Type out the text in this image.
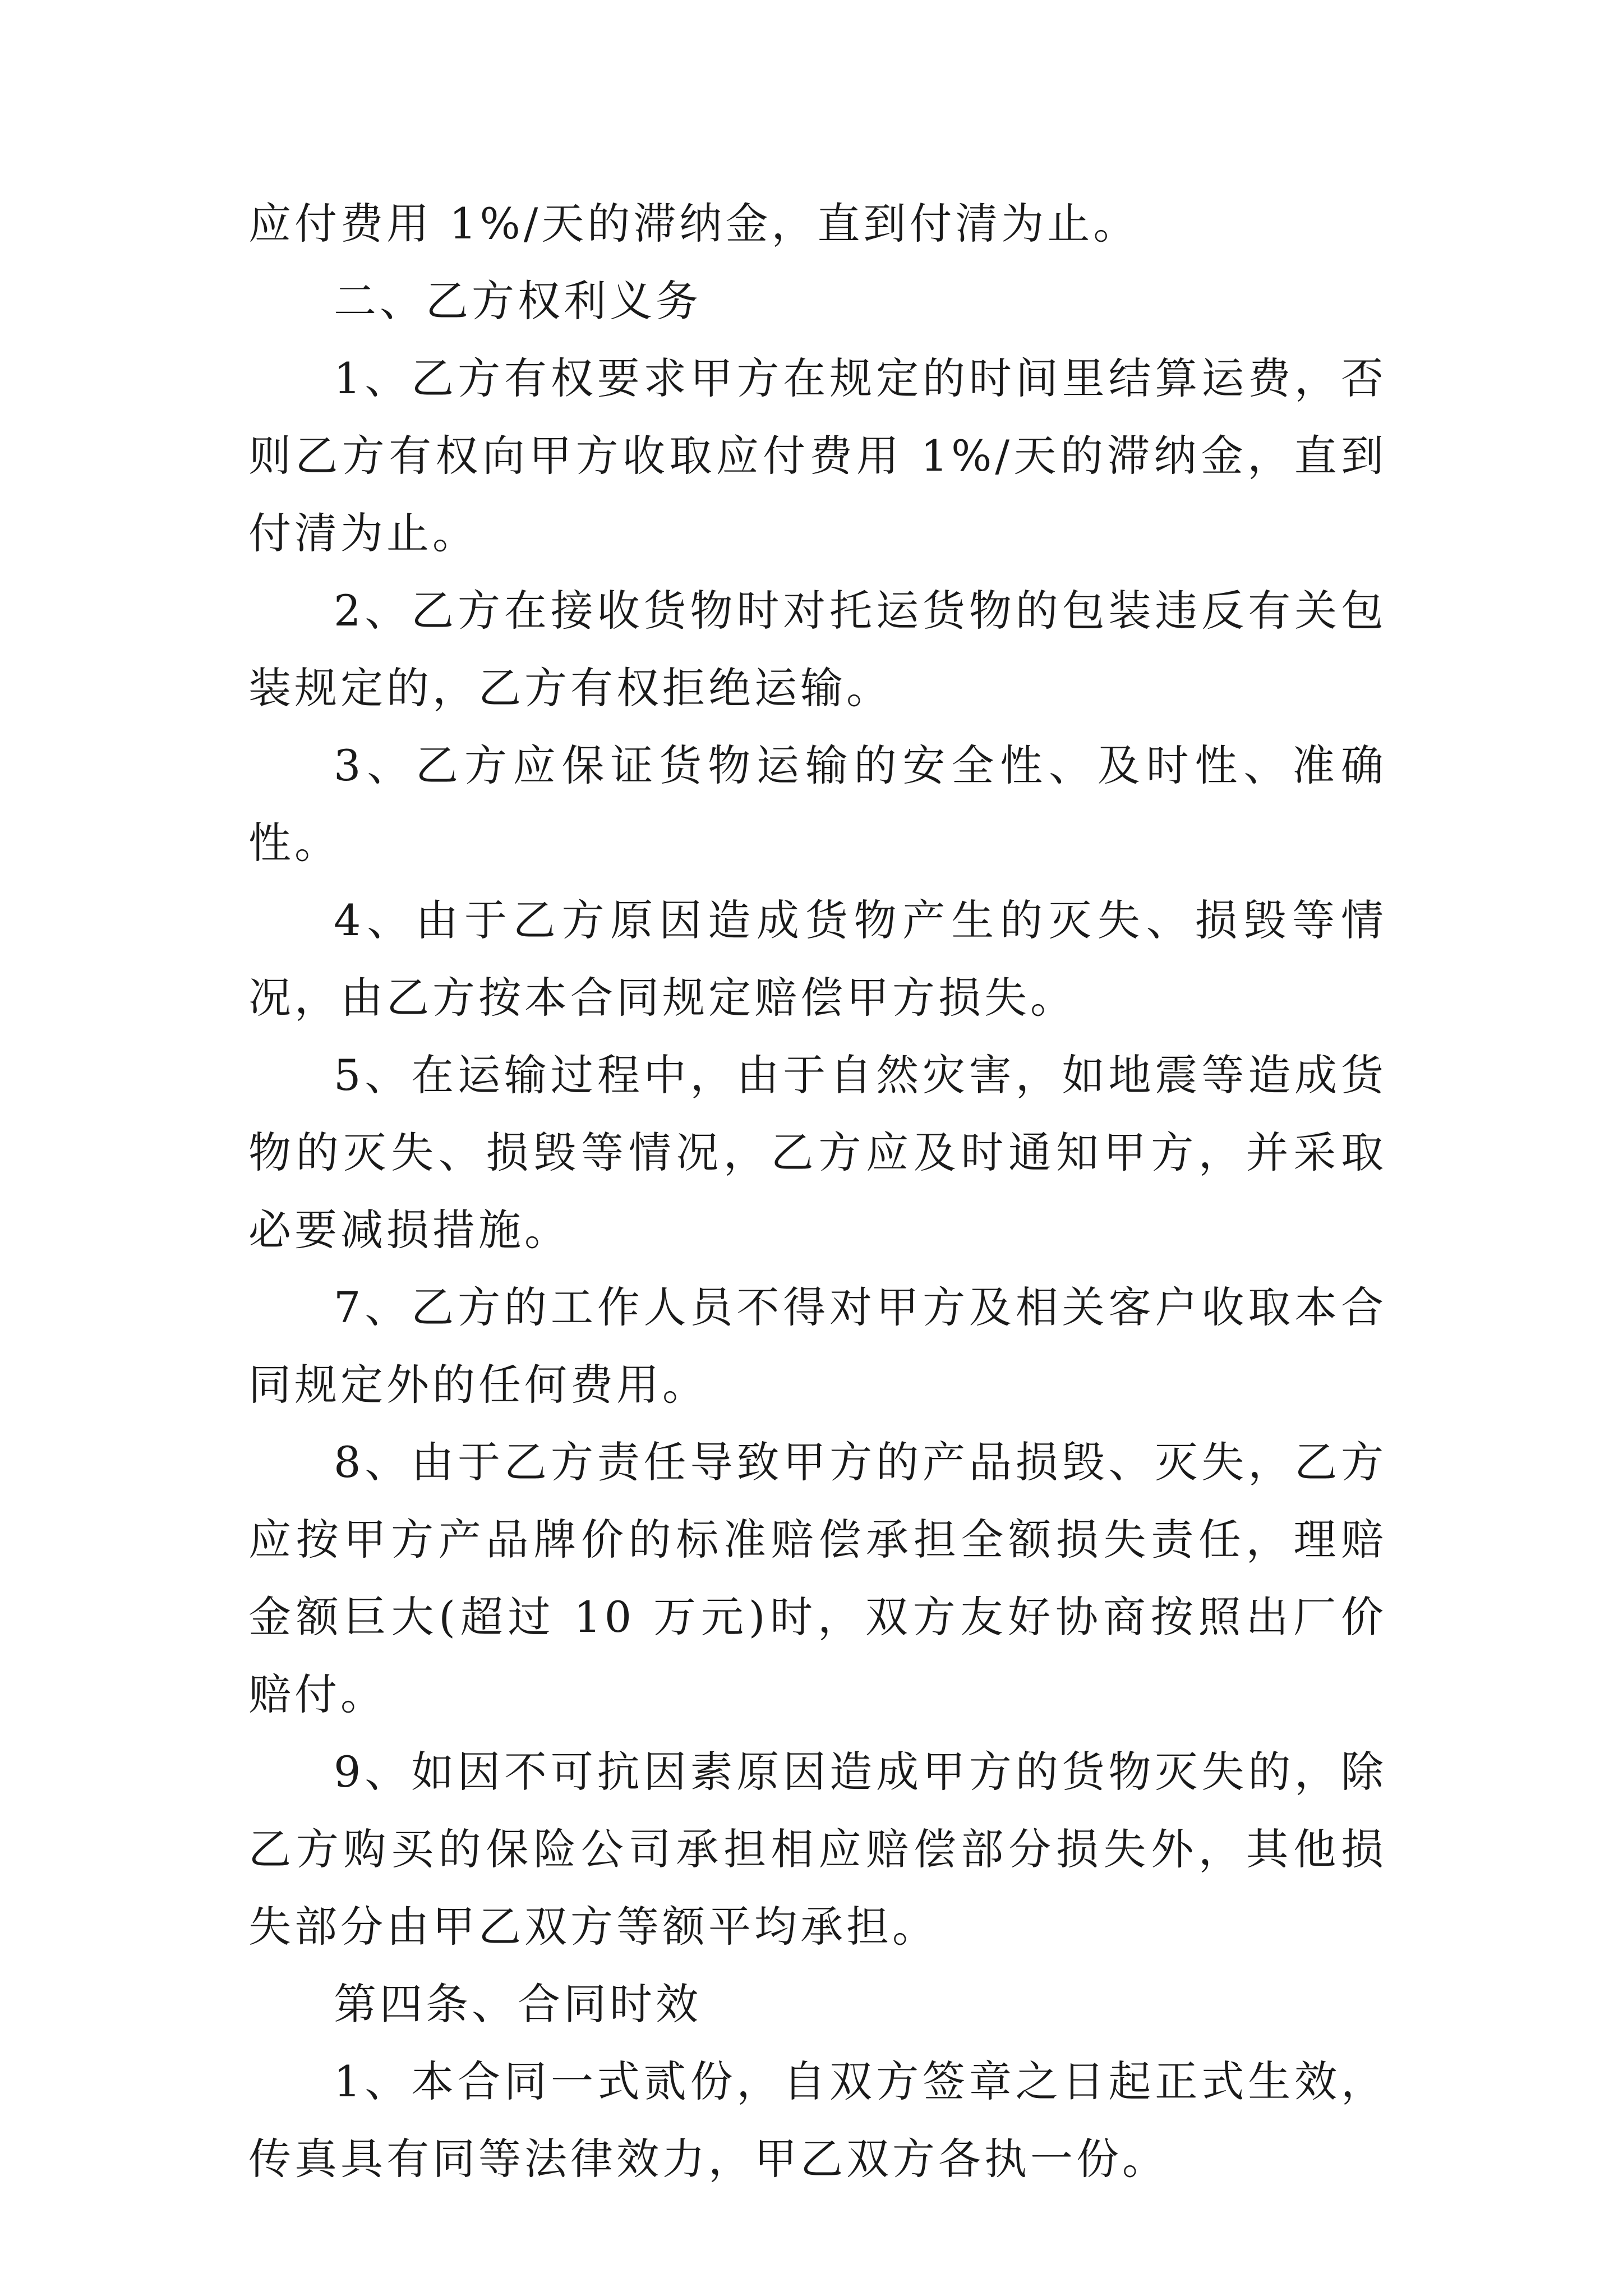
应付费用 1%/天的滞纳金，直到付清为止。

二、乙方权利义务

1、乙方有权要求甲方在规定的时间里结算运费，否则乙方有权向甲方收取应付费用 1%/天的滞纳金，直到付清为止。

2、乙方在接收货物时对托运货物的包装违反有关包装规定的，乙方有权拒绝运输。

3、乙方应保证货物运输的安全性、及时性、准确性。

4、由于乙方原因造成货物产生的灭失、损毁等情况，由乙方按本合同规定赔偿甲方损失。

5、在运输过程中，由于自然灾害，如地震等造成货物的灭失、损毁等情况，乙方应及时通知甲方，并采取必要减损措施。

7、乙方的工作人员不得对甲方及相关客户收取本合同规定外的任何费用。

8、由于乙方责任导致甲方的产品损毁、灭失，乙方应按甲方产品牌价的标准赔偿承担全额损失责任，理赔金额巨大(超过 10 万元)时，双方友好协商按照出厂价赔付。

9、如因不可抗因素原因造成甲方的货物灭失的，除乙方购买的保险公司承担相应赔偿部分损失外，其他损失部分由甲乙双方等额平均承担。

第四条、合同时效

1、本合同一式贰份，自双方签章之日起正式生效，传真具有同等法律效力，甲乙双方各执一份。
